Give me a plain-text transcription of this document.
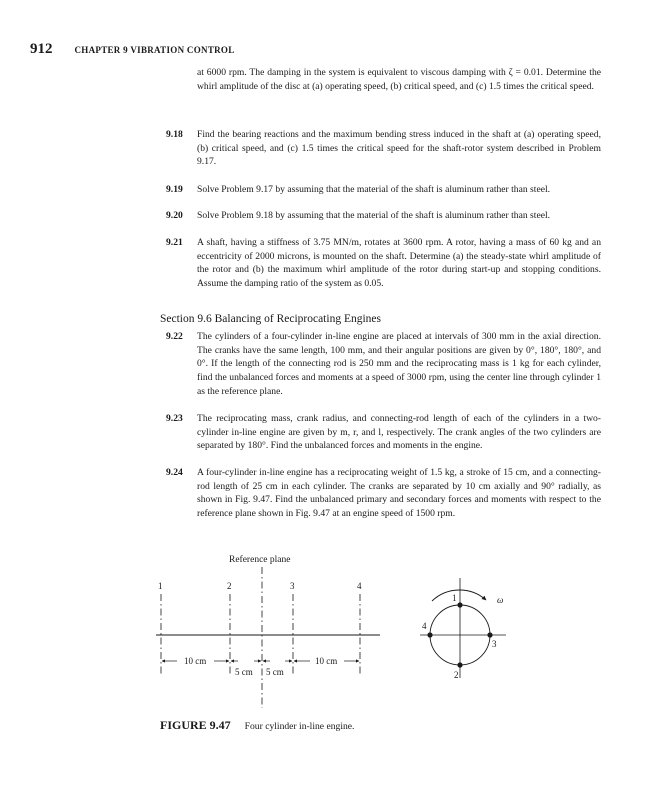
912 CHAPTER 9 VIBRATION CONTROL

at 6000 rpm. The damping in the system is equivalent to viscous damping with ζ = 0.01. Determine the whirl amplitude of the disc at (a) operating speed, (b) critical speed, and (c) 1.5 times the critical speed.

9.18 Find the bearing reactions and the maximum bending stress induced in the shaft at (a) operating speed, (b) critical speed, and (c) 1.5 times the critical speed for the shaft-rotor system described in Problem 9.17.

9.19 Solve Problem 9.17 by assuming that the material of the shaft is aluminum rather than steel.

9.20 Solve Problem 9.18 by assuming that the material of the shaft is aluminum rather than steel.

9.21 A shaft, having a stiffness of 3.75 MN/m, rotates at 3600 rpm. A rotor, having a mass of 60 kg and an eccentricity of 2000 microns, is mounted on the shaft. Determine (a) the steady-state whirl amplitude of the rotor and (b) the maximum whirl amplitude of the rotor during start-up and stopping conditions. Assume the damping ratio of the system as 0.05.

Section 9.6 Balancing of Reciprocating Engines
9.22 The cylinders of a four-cylinder in-line engine are placed at intervals of 300 mm in the axial direction. The cranks have the same length, 100 mm, and their angular positions are given by 0°, 180°, 180°, and 0°. If the length of the connecting rod is 250 mm and the reciprocating mass is 1 kg for each cylinder, find the unbalanced forces and moments at a speed of 3000 rpm, using the center line through cylinder 1 as the reference plane.

9.23 The reciprocating mass, crank radius, and connecting-rod length of each of the cylinders in a two-cylinder in-line engine are given by m, r, and l, respectively. The crank angles of the two cylinders are separated by 180°. Find the unbalanced forces and moments in the engine.

9.24 A four-cylinder in-line engine has a reciprocating weight of 1.5 kg, a stroke of 15 cm, and a connecting-rod length of 25 cm in each cylinder. The cranks are separated by 10 cm axially and 90° radially, as shown in Fig. 9.47. Find the unbalanced primary and secondary forces and moments with respect to the reference plane shown in Fig. 9.47 at an engine speed of 1500 rpm.

Reference plane
1	2	3	4
10 cm
5 cm 5 cm
10 cm
1
2
3
4
ω
FIGURE 9.47 Four cylinder in-line engine.
